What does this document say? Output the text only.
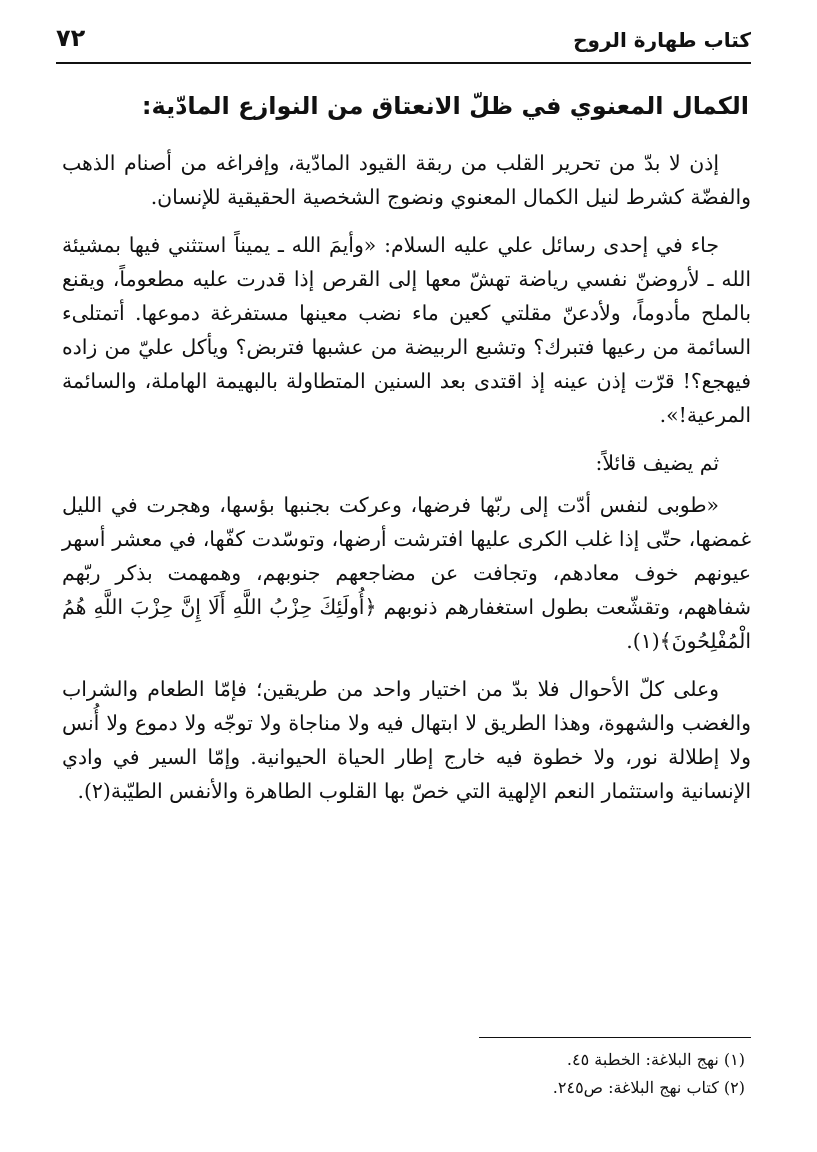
كتاب طهارة الروح
٧٢
الكمال المعنوي في ظلّ الانعتاق من النوازع المادّية:

إذن لا بدّ من تحرير القلب من ربقة القيود المادّية، وإفراغه من أصنام الذهب والفضّة كشرط لنيل الكمال المعنوي ونضوج الشخصية الحقيقية للإنسان.

جاء في إحدى رسائل علي عليه السلام: «وأيمَ الله ـ يميناً استثني فيها بمشيئة الله ـ لأروضنّ نفسي رياضة تهشّ معها إلى القرص إذا قدرت عليه مطعوماً، ويقنع بالملح مأدوماً، ولأدعنّ مقلتي كعين ماء نضب معينها مستفرغة دموعها. أتمتلىء السائمة من رعيها فتبرك؟ وتشبع الربيضة من عشبها فتربض؟ ويأكل عليّ من زاده فيهجع؟! قرّت إذن عينه إذ اقتدى بعد السنين المتطاولة بالبهيمة الهاملة، والسائمة المرعية!».

ثم يضيف قائلاً:

«طوبى لنفس أدّت إلى ربّها فرضها، وعركت بجنبها بؤسها، وهجرت في الليل غمضها، حتّى إذا غلب الكرى عليها افترشت أرضها، وتوسّدت كفّها، في معشر أسهر عيونهم خوف معادهم، وتجافت عن مضاجعهم جنوبهم، وهمهمت بذكر ربّهم شفاههم، وتقشّعت بطول استغفارهم ذنوبهم ﴿أُولَئِكَ حِزْبُ اللَّهِ أَلَا إِنَّ حِزْبَ اللَّهِ هُمُ الْمُفْلِحُونَ﴾(١).

وعلى كلّ الأحوال فلا بدّ من اختيار واحد من طريقين؛ فإمّا الطعام والشراب والغضب والشهوة، وهذا الطريق لا ابتهال فيه ولا مناجاة ولا توجّه ولا دموع ولا أُنس ولا إطلالة نور، ولا خطوة فيه خارج إطار الحياة الحيوانية. وإمّا السير في وادي الإنسانية واستثمار النعم الإلهية التي خصّ بها القلوب الطاهرة والأنفس الطيّبة(٢).

(١) نهج البلاغة: الخطبة ٤٥.
(٢) كتاب نهج البلاغة: ص٢٤٥.
